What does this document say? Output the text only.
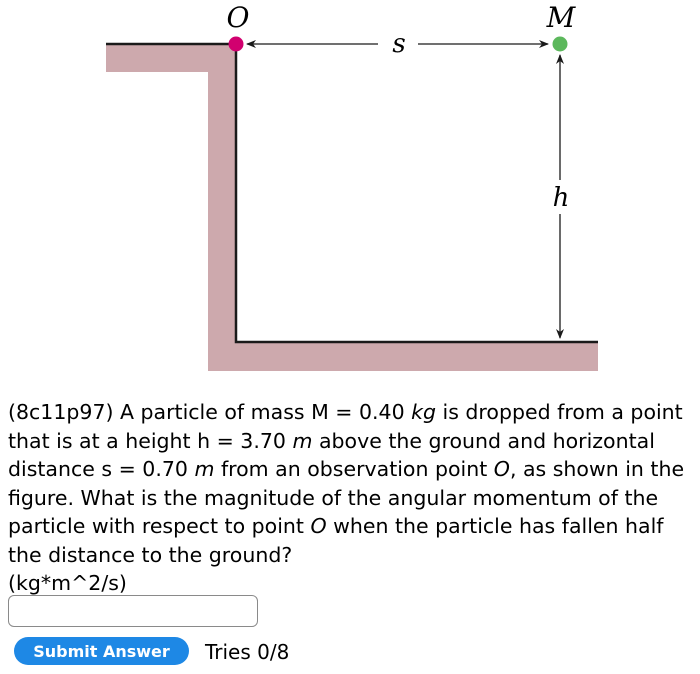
O	M
s
h
(8c11p97) A particle of mass M = 0.40 kg is dropped from a point that is at a height h = 3.70 m above the ground and horizontal distance s = 0.70 m from an observation point O, as shown in the figure. What is the magnitude of the angular momentum of the particle with respect to point O when the particle has fallen half the distance to the ground?
(kg*m^2/s)
Submit Answer	Tries 0/8
